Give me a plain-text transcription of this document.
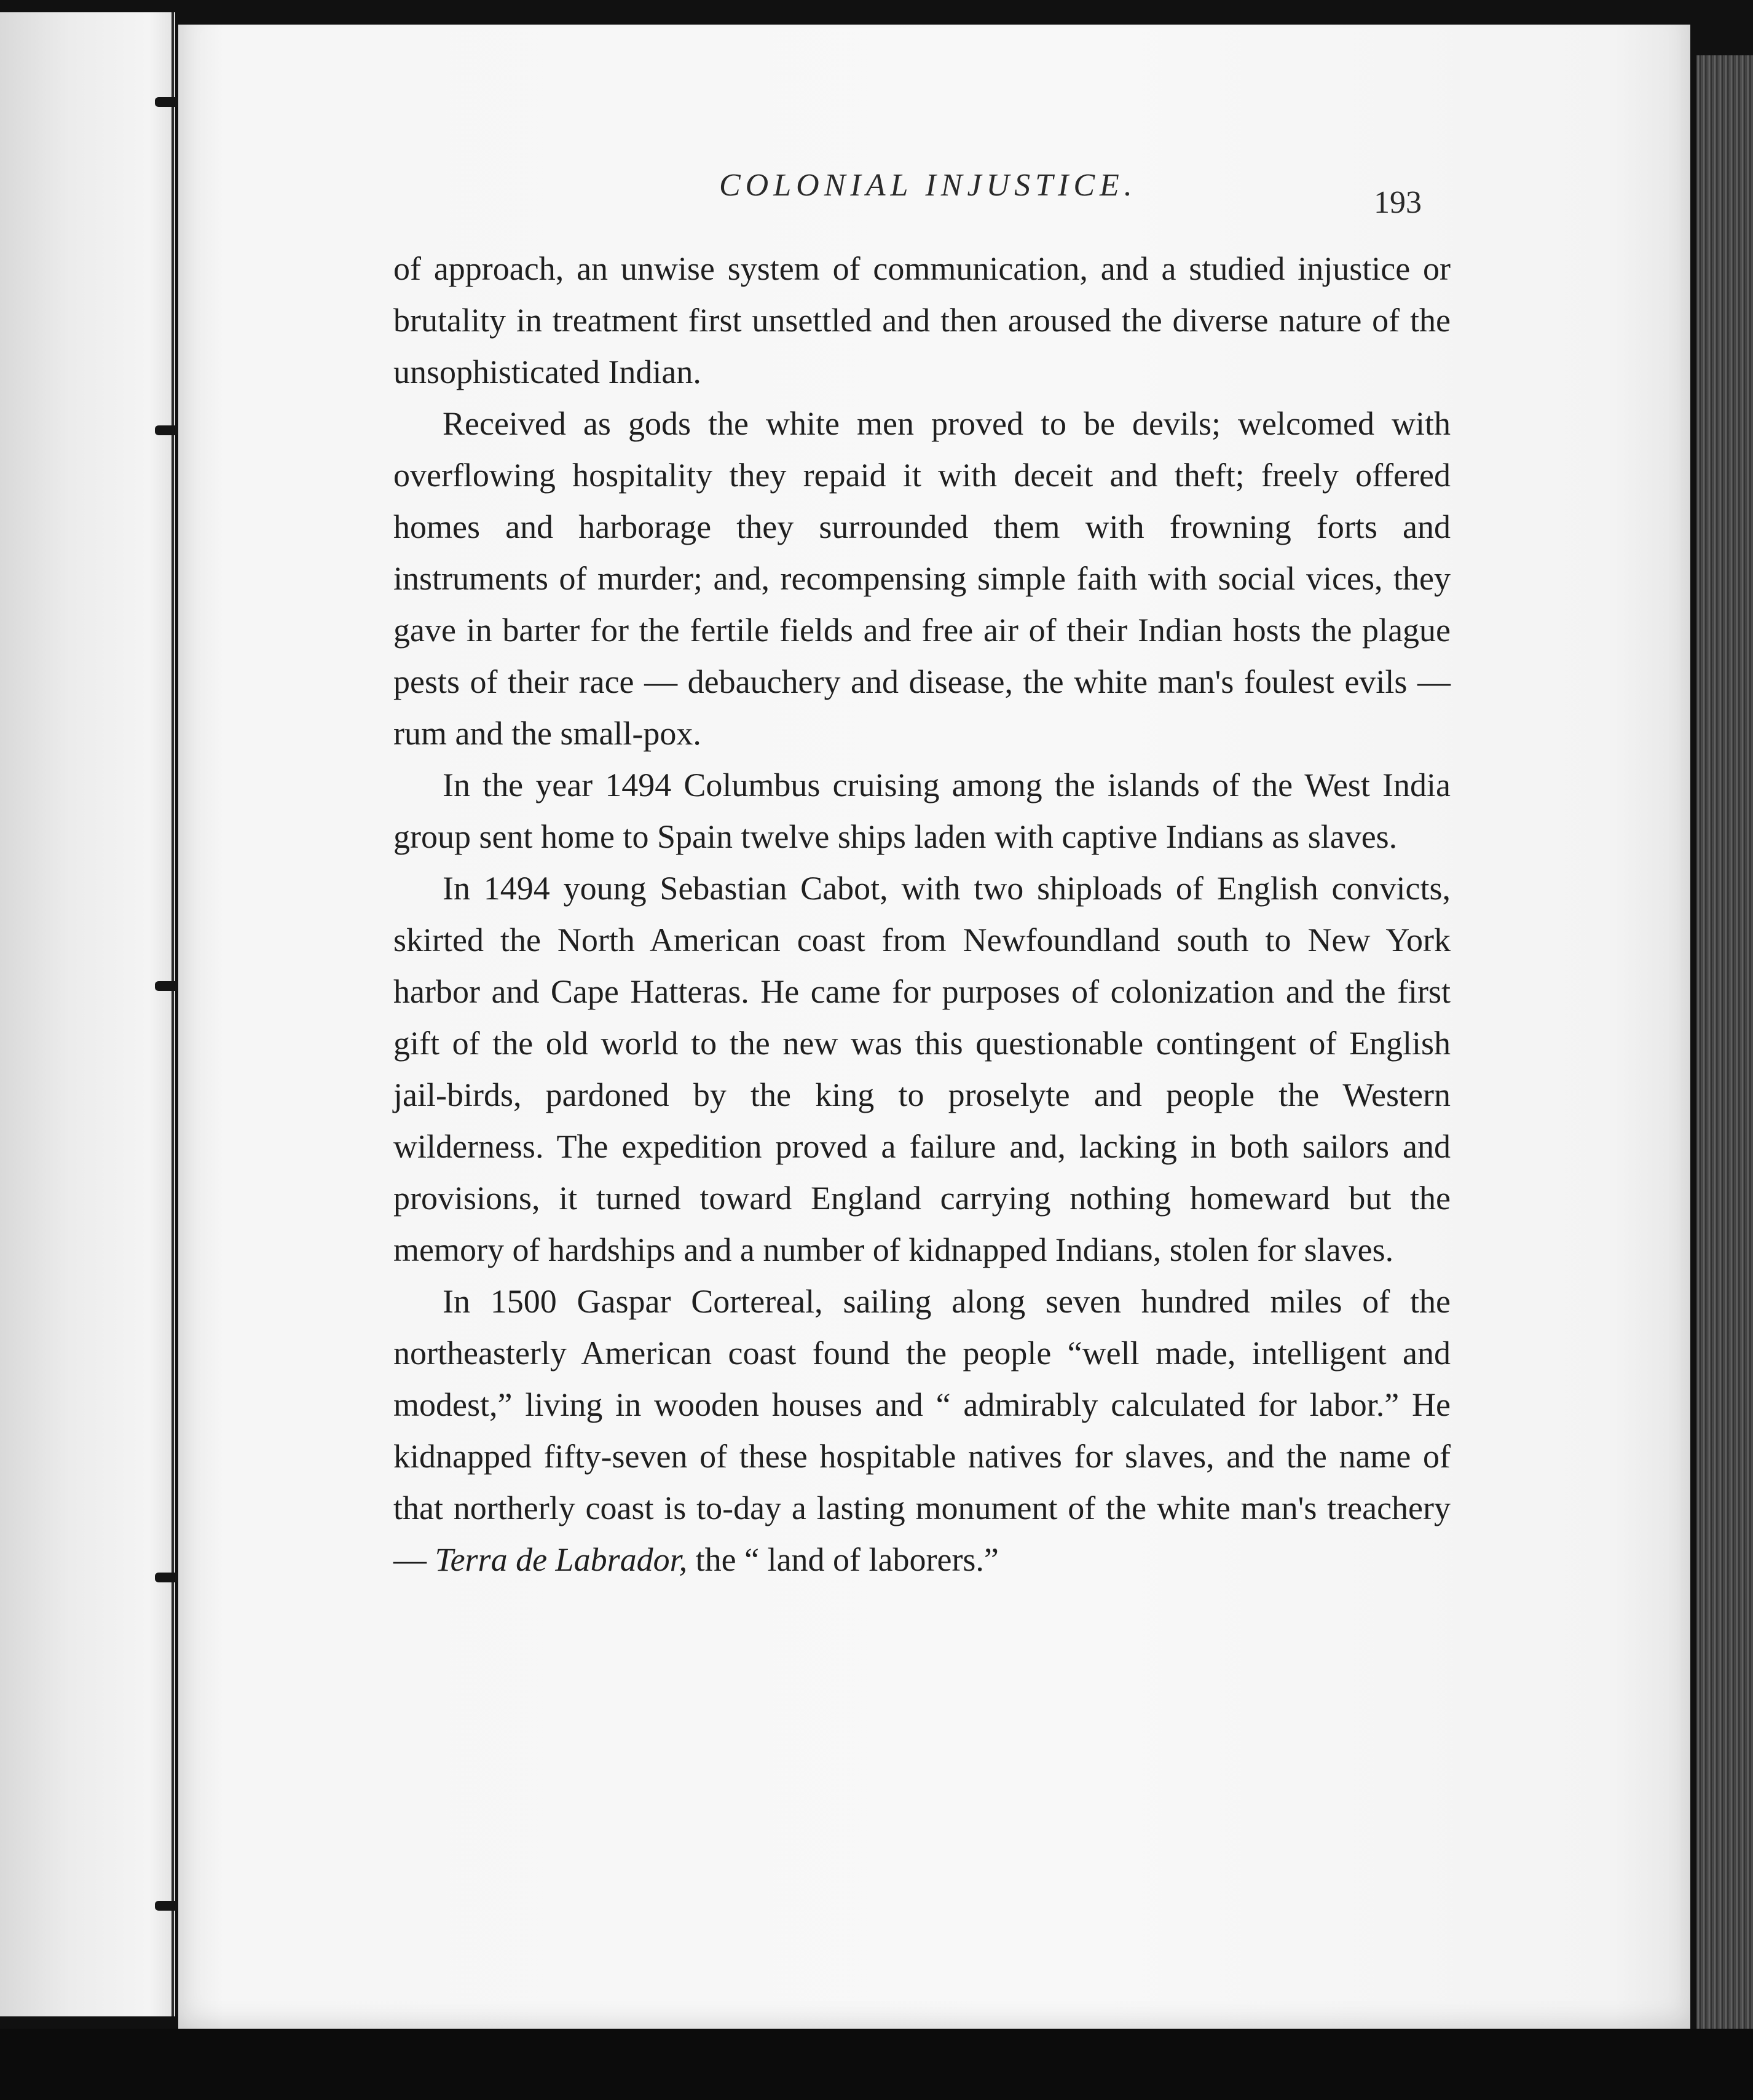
COLONIAL INJUSTICE.	193

of approach, an unwise system of communication, and a studied injustice or brutality in treatment first unsettled and then aroused the diverse nature of the unsophisticated Indian.

Received as gods the white men proved to be devils; welcomed with overflowing hospitality they repaid it with deceit and theft; freely offered homes and harborage they surrounded them with frowning forts and instruments of murder; and, recompensing simple faith with social vices, they gave in barter for the fertile fields and free air of their Indian hosts the plague pests of their race — debauchery and disease, the white man's foulest evils — rum and the small-pox.

In the year 1494 Columbus cruising among the islands of the West India group sent home to Spain twelve ships laden with captive Indians as slaves.

In 1494 young Sebastian Cabot, with two shiploads of English convicts, skirted the North American coast from Newfoundland south to New York harbor and Cape Hatteras. He came for purposes of colonization and the first gift of the old world to the new was this questionable contingent of English jail-birds, pardoned by the king to proselyte and people the Western wilderness. The expedition proved a failure and, lacking in both sailors and provisions, it turned toward England carrying nothing homeward but the memory of hardships and a number of kidnapped Indians, stolen for slaves.

In 1500 Gaspar Cortereal, sailing along seven hundred miles of the northeasterly American coast found the people “well made, intelligent and modest,” living in wooden houses and “ admirably calculated for labor.” He kidnapped fifty-seven of these hospitable natives for slaves, and the name of that northerly coast is to-day a lasting monument of the white man's treachery — Terra de Labrador, the “ land of laborers.”
